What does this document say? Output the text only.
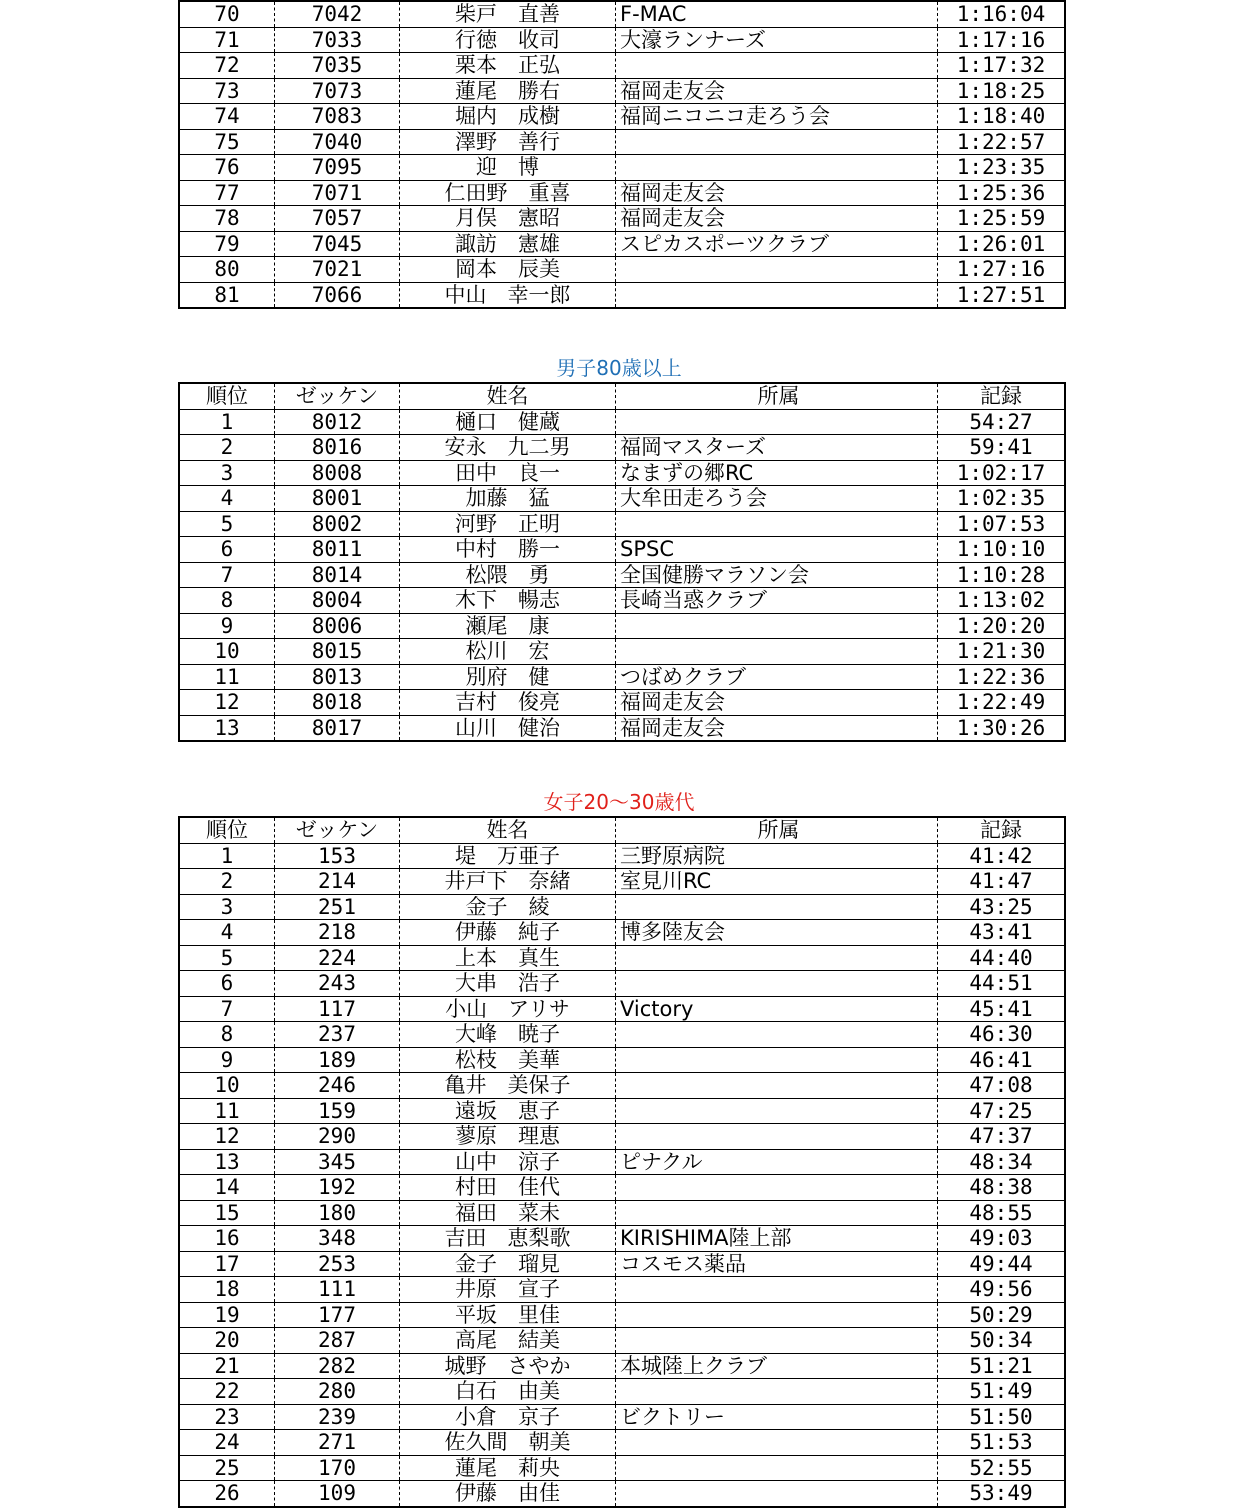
70	7042	柴戸　直善	F-MAC	1:16:04
71	7033	行徳　收司	大濠ランナーズ	1:17:16
72	7035	栗本　正弘		1:17:32
73	7073	蓮尾　勝右	福岡走友会	1:18:25
74	7083	堀内　成樹	福岡ニコニコ走ろう会	1:18:40
75	7040	澤野　善行		1:22:57
76	7095	迎　博		1:23:35
77	7071	仁田野　重喜	福岡走友会	1:25:36
78	7057	月俣　憲昭	福岡走友会	1:25:59
79	7045	諏訪　憲雄	スピカスポーツクラブ	1:26:01
80	7021	岡本　辰美		1:27:16
81	7066	中山　幸一郎		1:27:51
男子80歳以上
順位	ゼッケン	姓名	所属	記録
1	8012	樋口　健蔵		54:27
2	8016	安永　九二男	福岡マスターズ	59:41
3	8008	田中　良一	なまずの郷RC	1:02:17
4	8001	加藤　猛	大牟田走ろう会	1:02:35
5	8002	河野　正明		1:07:53
6	8011	中村　勝一	SPSC	1:10:10
7	8014	松隈　勇	全国健勝マラソン会	1:10:28
8	8004	木下　暢志	長崎当惑クラブ	1:13:02
9	8006	瀬尾　康		1:20:20
10	8015	松川　宏		1:21:30
11	8013	別府　健	つばめクラブ	1:22:36
12	8018	吉村　俊亮	福岡走友会	1:22:49
13	8017	山川　健治	福岡走友会	1:30:26
女子20～30歳代
順位	ゼッケン	姓名	所属	記録
1	153	堤　万亜子	三野原病院	41:42
2	214	井戸下　奈緒	室見川RC	41:47
3	251	金子　綾		43:25
4	218	伊藤　純子	博多陸友会	43:41
5	224	上本　真生		44:40
6	243	大串　浩子		44:51
7	117	小山　アリサ	Victory	45:41
8	237	大峰　暁子		46:30
9	189	松枝　美華		46:41
10	246	亀井　美保子		47:08
11	159	遠坂　恵子		47:25
12	290	蓼原　理恵		47:37
13	345	山中　涼子	ピナクル	48:34
14	192	村田　佳代		48:38
15	180	福田　菜未		48:55
16	348	吉田　恵梨歌	KIRISHIMA陸上部	49:03
17	253	金子　瑠見	コスモス薬品	49:44
18	111	井原　宣子		49:56
19	177	平坂　里佳		50:29
20	287	高尾　結美		50:34
21	282	城野　さやか	本城陸上クラブ	51:21
22	280	白石　由美		51:49
23	239	小倉　京子	ビクトリー	51:50
24	271	佐久間　朝美		51:53
25	170	蓮尾　莉央		52:55
26	109	伊藤　由佳		53:49
